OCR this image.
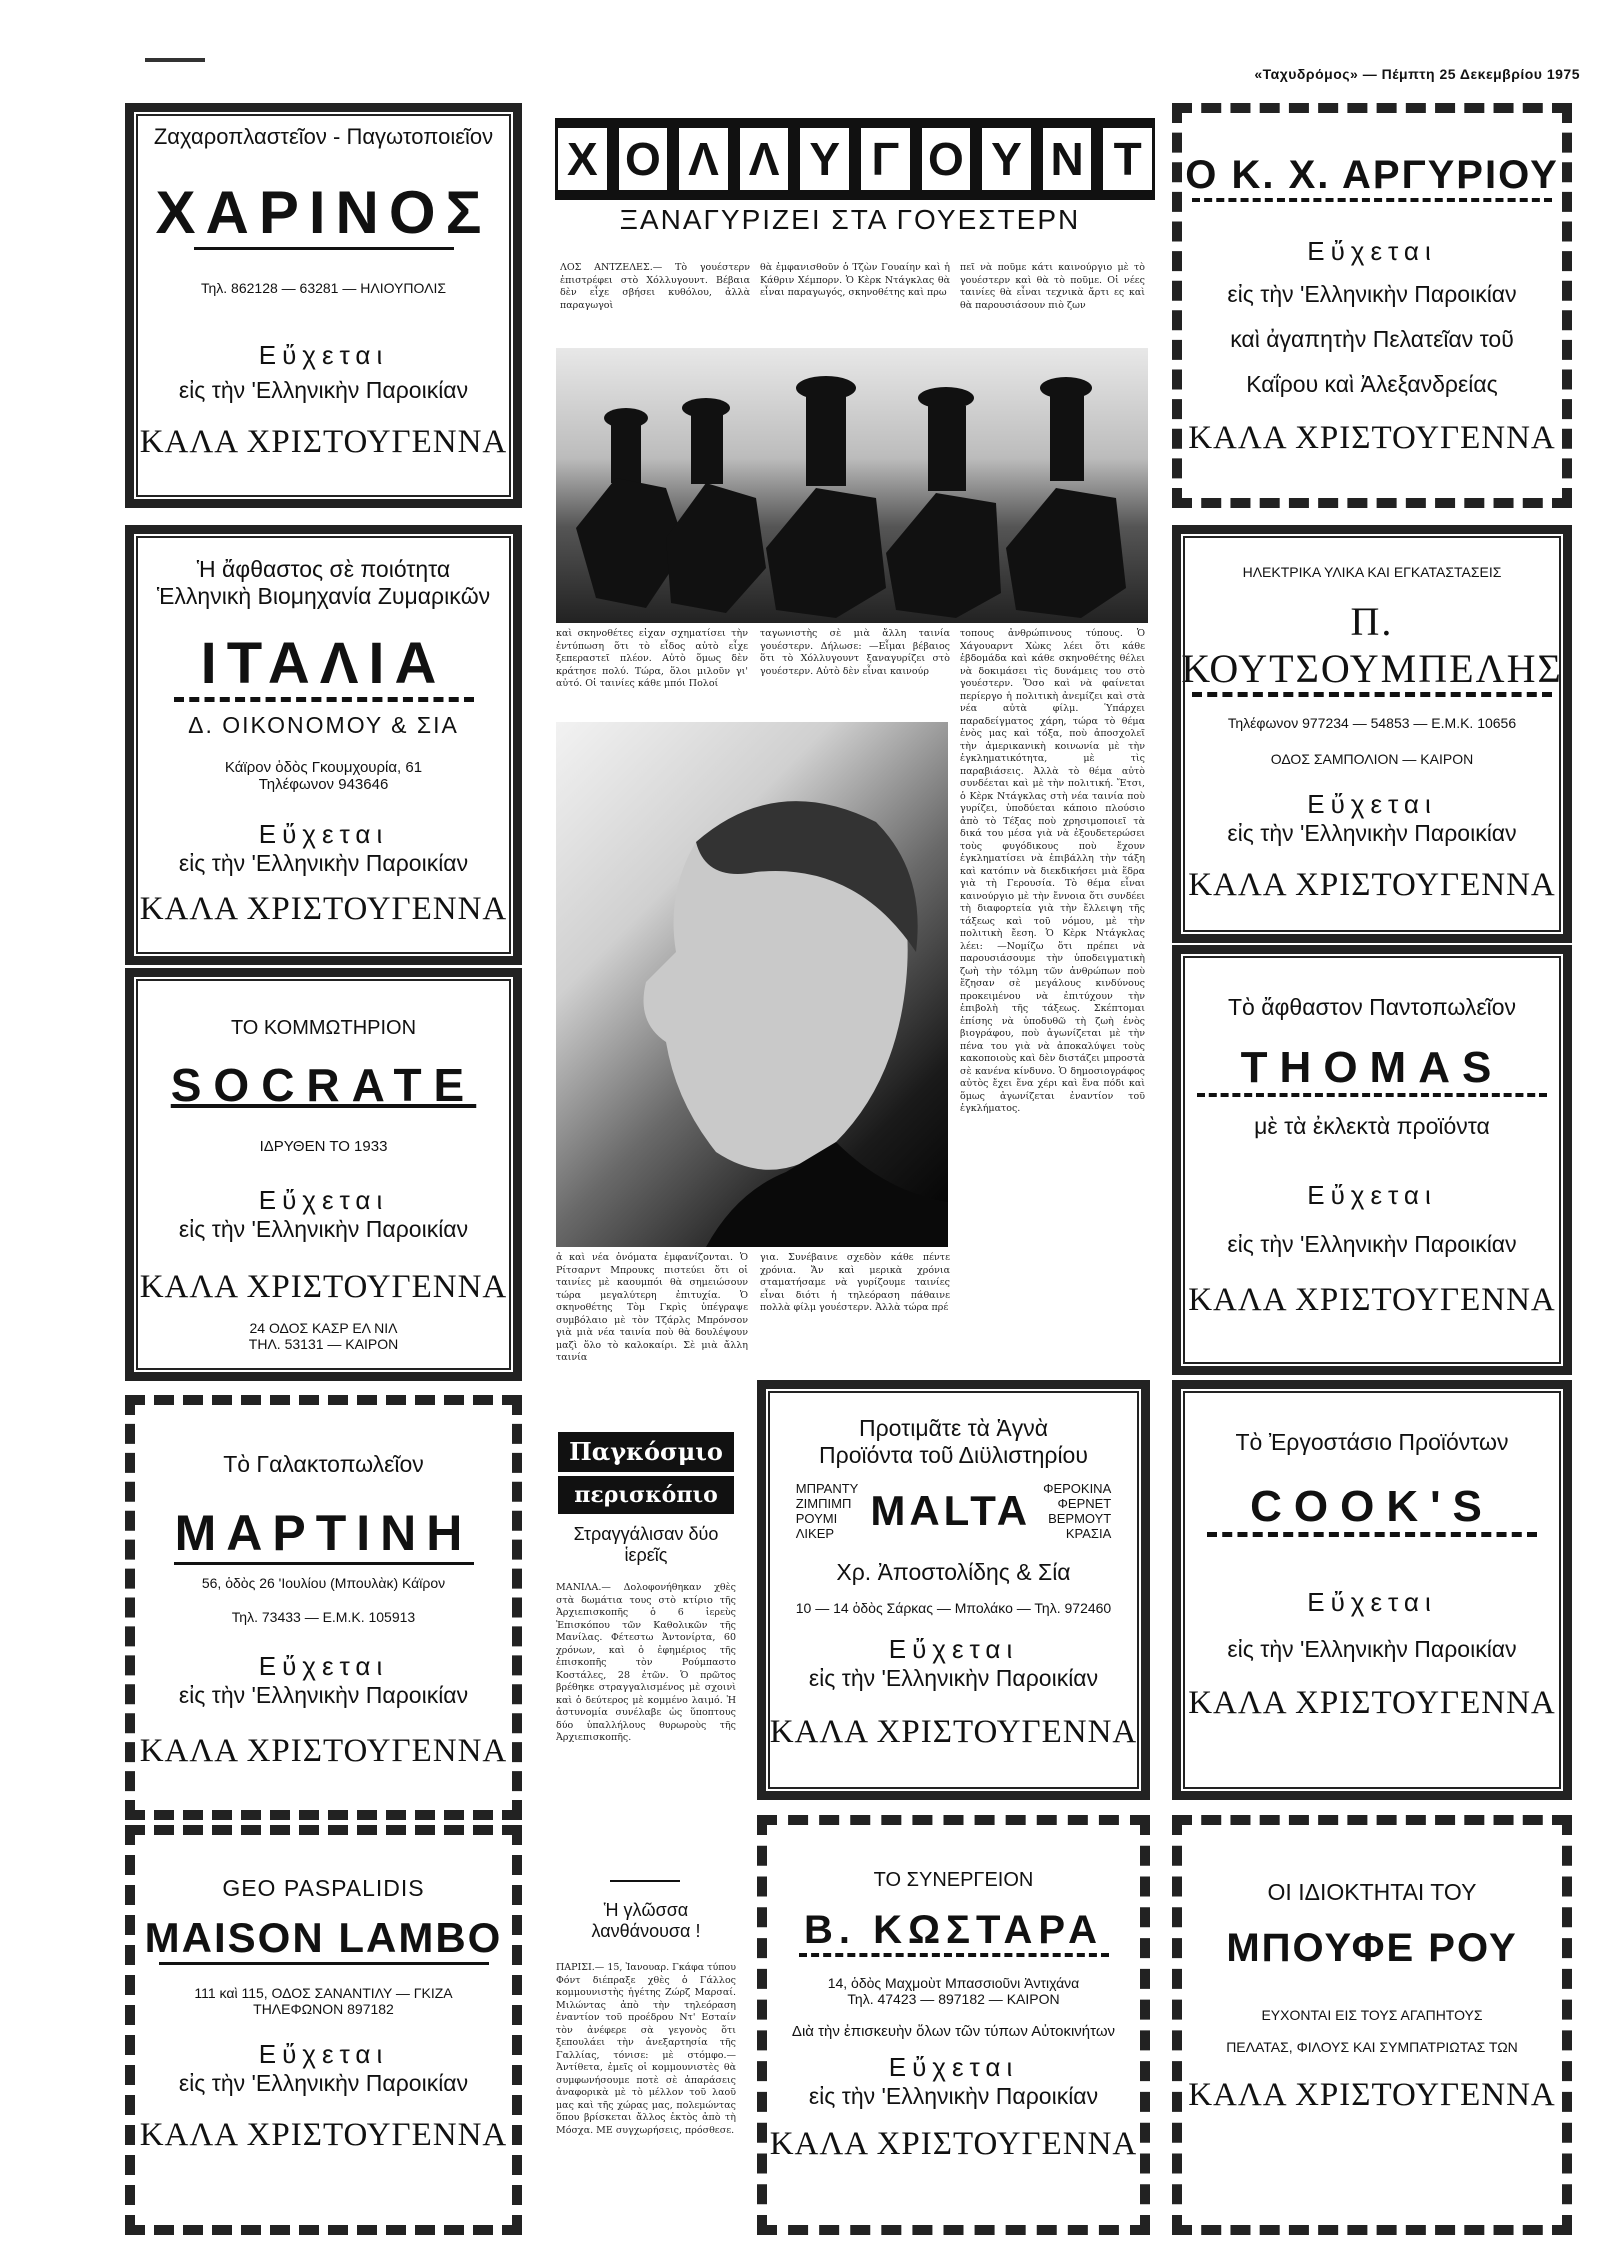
«Ταχυδρόμος» — Πέμπτη 25 Δεκεμβρίου 1975
Ζαχαροπλαστεῖον - Παγωτοποιεῖον
ΧΑΡΙΝΟΣ
Τηλ. 862128 — 63281 — ΗΛΙΟΥΠΟΛΙΣ
Εὔχεται
εἰς τὴν 'Ελληνικὴν Παροικίαν
ΚΑΛΑ ΧΡΙΣΤΟΥΓΕΝΝΑ
Ἡ ἄφθαστος σὲ ποιότητα
Ἑλληνικὴ Βιομηχανία Ζυμαρικῶν
ΙΤΑΛΙΑ
Δ. ΟΙΚΟΝΟΜΟΥ & ΣΙΑ
Κάϊρον ὁδὸς Γκουμχουρία, 61
Τηλέφωνον 943646
Εὔχεται
εἰς τὴν 'Ελληνικὴν Παροικίαν
ΚΑΛΑ ΧΡΙΣΤΟΥΓΕΝΝΑ
ΤΟ ΚΟΜΜΩΤΗΡΙΟΝ
SOCRATE
ΙΔΡΥΘΕΝ ΤΟ 1933
Εὔχεται
εἰς τὴν 'Ελληνικὴν Παροικίαν
ΚΑΛΑ ΧΡΙΣΤΟΥΓΕΝΝΑ
24 ΟΔΟΣ ΚΑΣΡ ΕΛ ΝΙΛ
ΤΗΛ. 53131 — ΚΑΙΡΟΝ
Τὸ Γαλακτοπωλεῖον
ΜΑΡΤΙΝΗ
56, ὁδὸς 26 'Ιουλίου (Μπουλὰκ) Κάϊρον
Τηλ. 73433 — Ε.Μ.Κ. 105913
Εὔχεται
εἰς τὴν 'Ελληνικὴν Παροικίαν
ΚΑΛΑ ΧΡΙΣΤΟΥΓΕΝΝΑ
GEO PASPALIDIS
MAISON LAMBO
111 καὶ 115, ΟΔΟΣ ΣΑΝΑΝΤΙΛΥ — ΓΚΙΖΑ
ΤΗΛΕΦΩΝΟΝ 897182
Εὔχεται
εἰς τὴν 'Ελληνικὴν Παροικίαν
ΚΑΛΑ ΧΡΙΣΤΟΥΓΕΝΝΑ
Ο Κ. Χ. ΑΡΓΥΡΙΟΥ
Εὔχεται
εἰς τὴν 'Ελληνικὴν Παροικίαν
καὶ ἀγαπητὴν Πελατεῖαν τοῦ
Καΐρου καὶ Ἀλεξανδρείας
ΚΑΛΑ ΧΡΙΣΤΟΥΓΕΝΝΑ
ΗΛΕΚΤΡΙΚΑ ΥΛΙΚΑ ΚΑΙ ΕΓΚΑΤΑΣΤΑΣΕΙΣ
Π. ΚΟΥΤΣΟΥΜΠΕΛΗΣ
Τηλέφωνον 977234 — 54853 — Ε.Μ.Κ. 10656
ΟΔΟΣ ΣΑΜΠΟΛΙΟΝ — ΚΑΙΡΟΝ
Εὔχεται
εἰς τὴν 'Ελληνικὴν Παροικίαν
ΚΑΛΑ ΧΡΙΣΤΟΥΓΕΝΝΑ
Τὸ ἄφθαστον Παντοπωλεῖον
THOMAS
μὲ τὰ ἐκλεκτὰ προϊόντα
Εὔχεται
εἰς τὴν 'Ελληνικὴν Παροικίαν
ΚΑΛΑ ΧΡΙΣΤΟΥΓΕΝΝΑ
Τὸ Ἐργοστάσιο Προϊόντων
COOK'S
Εὔχεται
εἰς τὴν 'Ελληνικὴν Παροικίαν
ΚΑΛΑ ΧΡΙΣΤΟΥΓΕΝΝΑ
ΟΙ ΙΔΙΟΚΤΗΤΑΙ ΤΟΥ
ΜΠΟΥΦΕ ΡΟΥ
ΕΥΧΟΝΤΑΙ ΕΙΣ ΤΟΥΣ ΑΓΑΠΗΤΟΥΣ
ΠΕΛΑΤΑΣ, ΦΙΛΟΥΣ ΚΑΙ ΣΥΜΠΑΤΡΙΩΤΑΣ ΤΩΝ
ΚΑΛΑ ΧΡΙΣΤΟΥΓΕΝΝΑ
Χ Ο Λ Λ Υ Γ Ο Υ Ν Τ
ΞΑΝΑΓΥΡΙΖΕΙ ΣΤΑ ΓΟΥΕΣΤΕΡΝ
ΛΟΣ ΑΝΤΖΕΛΕΣ.— Τὸ γουέστερν ἐπιστρέφει στὸ Χόλλυγουντ. Βέβαια δὲν εἶχε σβήσει κυθόλου, ἀλλὰ παραγωγοὶ
θὰ ἐμφανισθοῦν ὁ Τζὼν Γουαίην καὶ ἡ Κάθριν Χέμπορν. Ὁ Κὲρκ Ντάγκλας θὰ εἶναι παραγωγός, σκηνοθέτης καὶ πρω
πεῖ νὰ ποῦμε κάτι καινούργιο μὲ τὸ γουέστερν καὶ θὰ τὸ ποῦμε. Οἱ νέες ταινίες θὰ εἶναι τεχνικὰ ἄρτι ες καὶ θὰ παρουσιάσουν πιὸ ζων
καὶ σκηνοθέτες εἶχαν σχηματίσει τὴν ἐντύπωση ὅτι τὸ εἶδος αὐτὸ εἶχε ξεπεραστεῖ πλέον. Αὐτὸ ὅμως δὲν κράτησε πολύ. Τώρα, ὅλοι μιλοῦν γι' αὐτό. Οἱ ταινίες κάθε μπόι Πολοί
ταγωνιστὴς σὲ μιὰ ἄλλη ταινία γουέστερν. Δήλωσε: —Εἶμαι βέβαιος ὅτι τὸ Χόλλυγουντ ξαναγυρίζει στὸ γουέστερν. Αὐτὸ δὲν εἶναι καινούρ
τοπους ἀνθρώπινους τύπους. Ὁ Χάγουαρντ Χὼκς λέει ὅτι κάθε ἐβδομάδα καὶ κάθε σκηνοθέτης θέλει νὰ δοκιμάσει τὶς δυνάμεις του στὸ γουέστερν. Ὅσο καὶ νὰ φαίνεται περίεργο ἡ πολιτικὴ ἀνεμίζει καὶ στὰ νέα αὐτὰ φίλμ. Ὑπάρχει παραδείγματος χάρη, τώρα τὸ θέμα ἑνὸς μας καὶ τόξα, ποὺ ἀποσχολεῖ τὴν ἀμερικανικὴ κοινωνία μὲ τὴν ἐγκληματικότητα, μὲ τὶς παραβιάσεις. Ἀλλὰ τὸ θέμα αὐτὸ συνδέεται καὶ μὲ τὴν πολιτική. Ἔτσι, ὁ Κὲρκ Ντάγκλας στὴ νέα ταινία ποὺ γυρίζει, ὑποδύεται κάποιο πλούσιο ἀπὸ τὸ Τέξας ποὺ χρησιμοποιεῖ τὰ δικά του μέσα γιὰ νὰ ἐξουδετερώσει τοὺς φυγόδικους ποὺ ἔχουν ἐγκληματίσει νὰ ἐπιβάλλη τὴν τάξη καὶ κατόπιν νὰ διεκδικήσει μιὰ ἕδρα γιὰ τὴ Γερουσία. Τὸ θέμα εἶναι καινούργιο μὲ τὴν ἔννοια ὅτι συνδέει τὴ διαφορτεία γιὰ τὴν ἔλλειψη τῆς τάξεως καὶ τοῦ νόμου, μὲ τὴν πολιτικὴ ἔεση. Ὁ Κὲρκ Ντάγκλας λέει: —Νομίζω ὅτι πρέπει νὰ παρουσιάσουμε τὴν ὑποδειγματικὴ ζωὴ τὴν τόλμη τῶν ἀνθρώπων ποὺ ἔζησαν σὲ μεγάλους κινδύνους προκειμένου νὰ ἐπιτύχουν τὴν ἐπιβολὴ τῆς τάξεως. Σκέπτομαι ἐπίσης νὰ ὑποδυθῶ τὴ ζωὴ ἑνὸς βιογράφου, ποὺ ἀγωνίζεται μὲ τὴν πένα του γιὰ νὰ ἀποκαλύψει τοὺς κακοποιοὺς καὶ δὲν διστάζει μπροστὰ σὲ κανένα κίνδυνο. Ὁ δημοσιογράφος αὐτὸς ἔχει ἕνα χέρι καὶ ἕνα πόδι καὶ ὅμως ἀγωνίζεται ἐναντίον τοῦ ἐγκλήματος.
ἀ καὶ νέα ὀνόματα ἐμφανίζονται. Ὁ Ρίτσαρντ Μπρουκς πιστεύει ὅτι οἱ ταινίες μὲ καουμπόι θὰ σημειώσουν τώρα μεγαλύτερη ἐπιτυχία. Ὁ σκηνοθέτης Τὸμ Γκρὶς ὑπέγραψε συμβόλαιο μὲ τὸν Τζάρλς Μπρόνσον γιὰ μιὰ νέα ταινία ποὺ θὰ δουλέψουν μαζὶ ὅλο τὸ καλοκαίρι. Σὲ μιὰ ἄλλη ταινία
για. Συνέβαινε σχεδὸν κάθε πέντε χρόνια. Ἄν καὶ μερικὰ χρόνια σταματήσαμε νὰ γυρίζουμε ταινίες εἶναι διότι ἡ τηλεόραση πάθαινε πολλὰ φίλμ γουέστερν. Ἀλλὰ τώρα πρέ
Παγκόσμιο
περισκόπιο
Στραγγάλισαν δύο ἱερεῖς
ΜΑΝΙΛΑ.— Δολοφονήθηκαν χθὲς στὰ δωμάτια τους στὸ κτίριο τῆς Ἀρχιεπισκοπῆς ὁ 6 ἱερεὺς Ἐπισκόπου τῶν Καθολικῶν τῆς Μανίλας. Φέτεστω Ἀντονίρτα, 60 χρόνων, καὶ ὁ ἐφημέριος τῆς ἐπισκοπῆς τὸν Ρούμπαστο Κοστάλες, 28 ἐτῶν. Ὁ πρῶτος βρέθηκε στραγγαλισμένος μὲ σχοινὶ καὶ ὁ δεύτερος μὲ κομμένο λαιμό. Ἡ ἀστυνομία συνέλαβε ὡς ὕποπτους δύο ὑπαλλήλους θυρωροὺς τῆς Ἀρχιεπισκοπῆς.
Ἡ γλῶσσα λανθάνουσα !
ΠΑΡΙΣΙ.— 15, Ἰανουαρ. Γκάφα τύπου Φόντ διέπραξε χθὲς ὁ Γάλλος κομμουνιστὴς ἡγέτης Ζώρζ Μαρσαί. Μιλώντας ἀπὸ τὴν τηλεόραση ἐναντίον τοῦ προέδρου Ντ' Εσταίν τὸν ἀνέφερε σὰ γεγονὸς ὅτι ξεπουλάει τὴν ἀνεξαρτησία τῆς Γαλλίας, τόνισε: μὲ στόμφο.— Ἀντίθετα, ἐμεῖς οἱ κομμουνιστὲς θὰ συμφωνήσουμε ποτὲ σὲ ἀπαράσεις ἀναφορικὰ μὲ τὸ μέλλον τοῦ λαοῦ μας καὶ τῆς χώρας μας, πολεμώντας ὅπου βρίσκεται ἄλλος ἐκτὸς ἀπὸ τὴ Μόσχα. ΜΕ συγχωρήσεις, πρόσθεσε.
Προτιμᾶτε τὰ Ἁγνὰ
Προϊόντα τοῦ Διϋλιστηρίου
ΜΠΡΑΝΤΥ
ΖΙΜΠΙΜΠ
ΡΟΥΜΙ
ΛΙΚΕΡ MALTA ΦΕΡΟΚΙΝΑ
ΦΕΡΝΕΤ
ΒΕΡΜΟΥΤ
ΚΡΑΣΙΑ
Χρ. Ἀποστολίδης & Σία
10 — 14 ὁδὸς Σάρκας — Μπολάκο — Τηλ. 972460
Εὔχεται
εἰς τὴν 'Ελληνικὴν Παροικίαν
ΚΑΛΑ ΧΡΙΣΤΟΥΓΕΝΝΑ
ΤΟ ΣΥΝΕΡΓΕΙΟΝ
Β. ΚΩΣΤΑΡΑ
14, ὁδὸς Μαχμοὺτ Μπασσιοῦνι Ἀντιχάνα
Τηλ. 47423 — 897182 — ΚΑΙΡΟΝ
Διὰ τὴν ἐπισκευὴν ὅλων τῶν τύπων Αὐτοκινήτων
Εὔχεται
εἰς τὴν 'Ελληνικὴν Παροικίαν
ΚΑΛΑ ΧΡΙΣΤΟΥΓΕΝΝΑ
